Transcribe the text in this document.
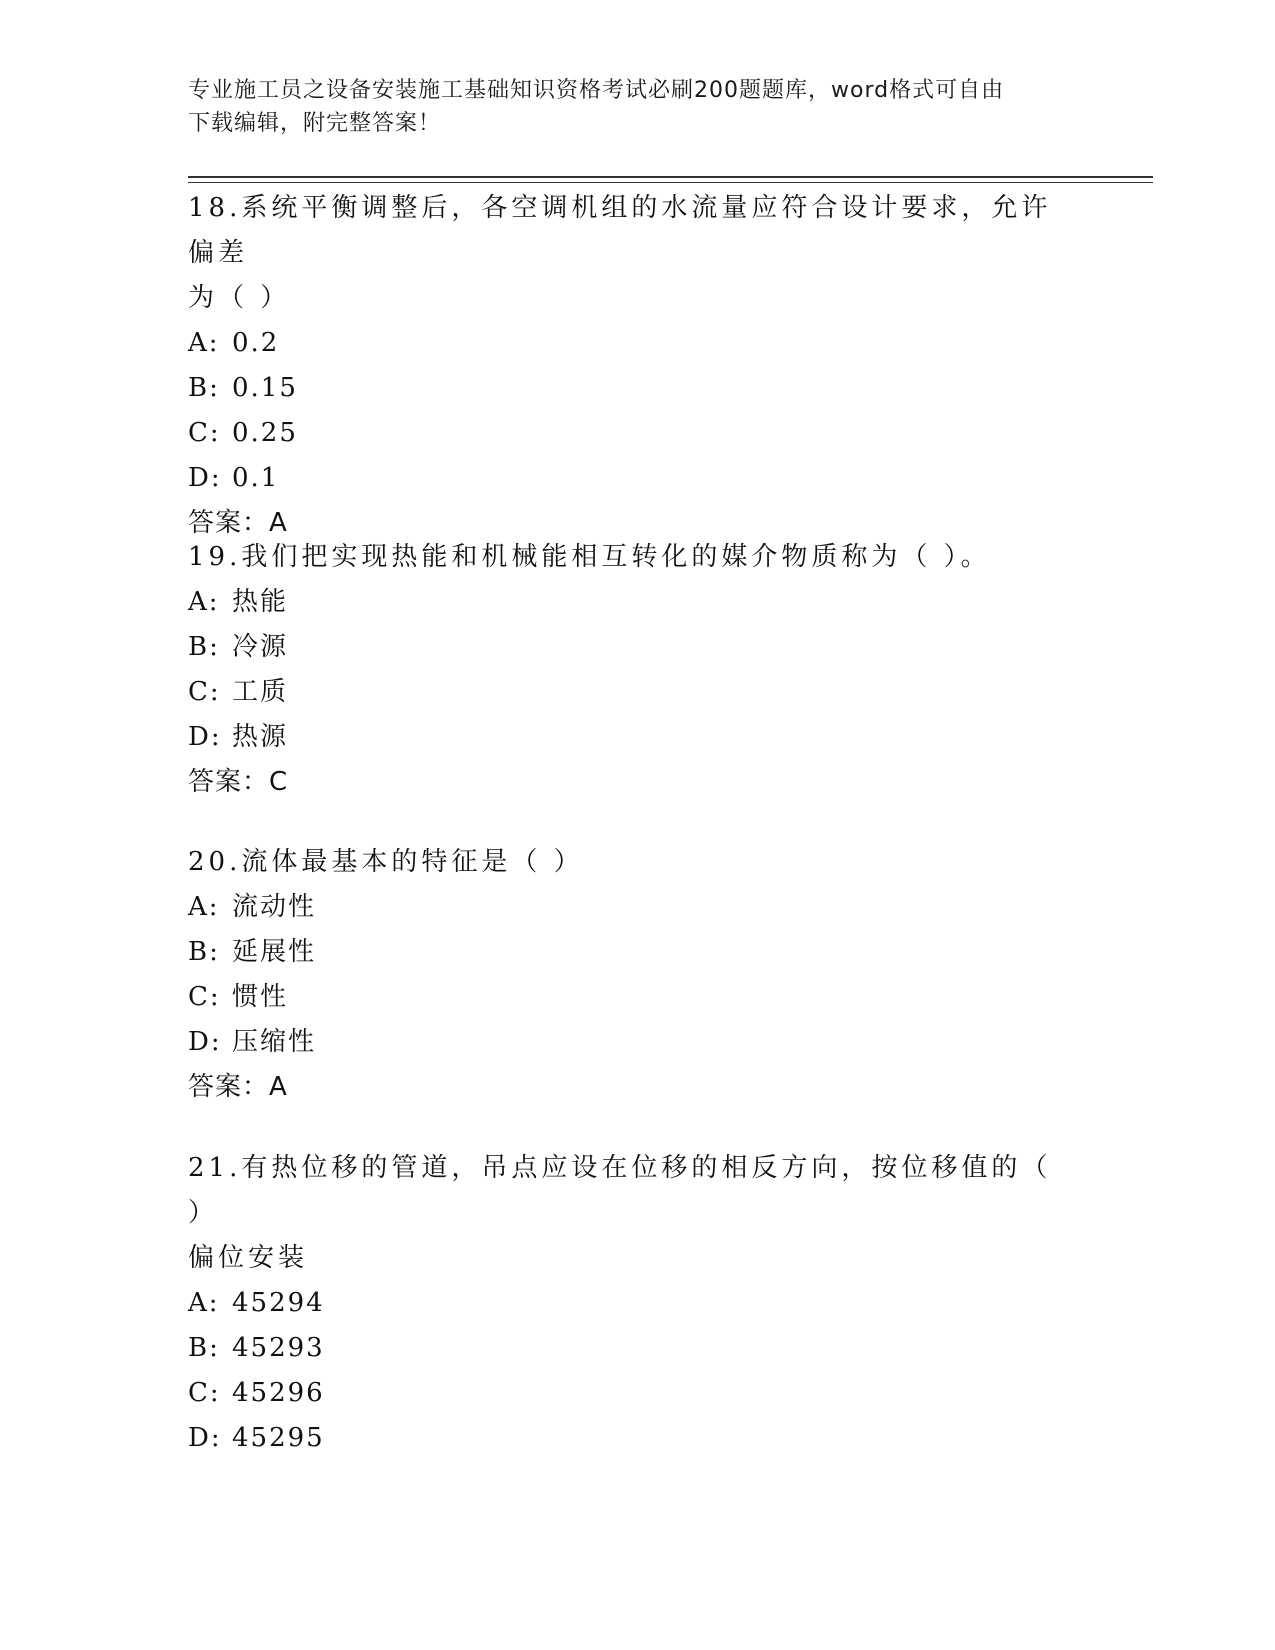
专业施工员之设备安装施工基础知识资格考试必刷200题题库，word格式可自由
下载编辑，附完整答案！
18.系统平衡调整后，各空调机组的水流量应符合设计要求，允许偏差
为（ ）
A: 0.2
B: 0.15
C: 0.25
D: 0.1
答案：A
19.我们把实现热能和机械能相互转化的媒介物质称为（ ）。
A: 热能
B: 冷源
C: 工质
D: 热源
答案：C
20.流体最基本的特征是（ ）
A: 流动性
B: 延展性
C: 惯性
D: 压缩性
答案：A
21.有热位移的管道，吊点应设在位移的相反方向，按位移值的（ ）
偏位安装
A: 45294
B: 45293
C: 45296
D: 45295
